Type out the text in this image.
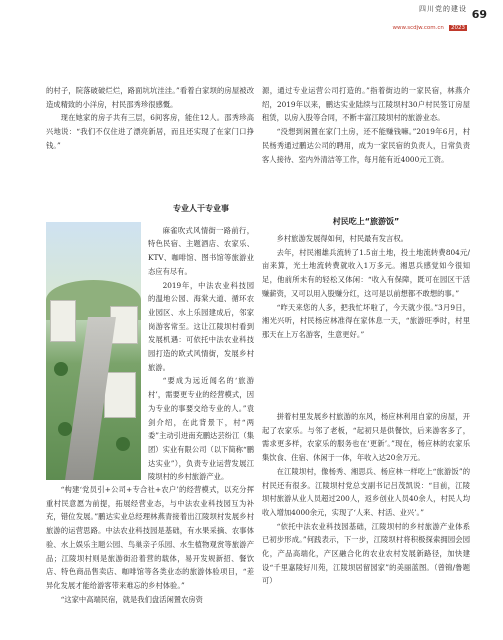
四川党的建设
www.scdjw.com.cn 2023
69

的村子，院落破破烂烂，路面坑坑洼洼。”看着白家坝的房屋被改造成精致的小洋房，村民邵秀珍很感慨。

现在她家的房子共有三层，6间客房，能住12人。邵秀珍高兴地说：“我们不仅住进了漂亮新居，而且还实现了在家门口挣钱。”

专业人干专业事

麻雀吹式风情街一路前行，特色民宿、主题酒店、农家乐、KTV、咖啡馆、图书馆等旅游业态应有尽有。

2019年，中法农业科技园的温地公园、海棠大道、循环农业园区、水上乐园建成后，邻家岗游客常至。这让江陵坝村看到发展机遇：可依托中法农业科技园打造的欧式风情街，发展乡村旅游。

“要成为远近闻名的‘旅游村’，需要更专业的经营模式，因为专业的事要交给专业的人。”袁剑介绍，在此背景下，村“两委”主动引进南充鹏达芸纷江（集团）实业有限公司（以下简称“鹏达实业”），负责专业运营发展江陵坝村的乡村旅游产业。

“构建‘党员引+公司+专合社+农户’的经营模式，以充分挥重村民意愿为前提，拓展经营业态，与中法农业科技园互为补充，错位发展。”鹏达实业总经理林燕青接着出江陵坝村发展乡村旅游的运营思路。中法农业科技园是基础，有水果采摘、农事体验、水上娱乐主题公园、鸟巢亲子乐园、水生植物观赏等旅游产品；江陵坝村则是旅游街沿着营的载体，易开发规新招、餐饮店、特色商品售卖店、咖啡馆等各类业态的旅游体验项目，“差异化发展才能给游客带来难忘的乡村体验。”

“这家中高端民宿，就是我们盘活闲置农房资

源，通过专业运营公司打造的。”指着街边的一家民宿，林燕介绍，2019年以来，鹏达实业陆续与江陵坝村30户村民签订房屋租赁，以房入股等合同，不断丰富江陵坝村的旅游业态。

“没想到闲置在家门土房，还不能赚钱嘛。”2019年6月，村民杨秀通过鹏达公司的聘用，成为一家民宿的负责人，日常负责客人接待、室内外清洁等工作，每月能有近4000元工资。

村民吃上“旅游饭”

乡村旅游发展得如何，村民最有发言权。

去年，村民湘雄兵流转了1.5亩土地，投土地流转费804元/亩来算，光土地流转费就收入1万多元。湘思兵感觉如今很知足，他前所未有的轻松又体闲：“收入有保障，既可在园区干活赚薪资，又可以用入股赚分红，这可是以前想都不敢想的事。”

“昨天来您的人多，把我忙坏啦了，今天就少很。”3月9日，湘光兴听，村民杨应林准得在家休息一天，“旅游旺季时，村里那天在上万名游客，生意更好。”

拼着村里发展乡村旅游的东风，杨应林利用自家的房屋，开起了农家乐。与邻了老板，“起初只是供餐饮，后来游客多了，需求更多样，农家乐的服务也在‘更新’。”现在，杨应林的农家乐集饮食、住宿、休闲于一体，年收入达20余万元。

在江陵坝村，像杨秀、湘思兵、杨应林一样吃上“旅游饭”的村民还有很多。江陵坝村党总支副书记吕茂凯说：“目前，江陵坝村旅游从业人员超过200人，返乡创业人员40余人，村民人均收入增加4000余元，实现了‘人来、村活、业兴’。”

“依托中法农业科技园基础，江陵坝村的乡村旅游产业体系已初步形成。”何践表示，下一步，江陵坝村将积极探索拥园会园化，产品高端化，产区融合化的农业农村发展新路径，加快建设“千里嘉陵好川苑，江陵坝居留园家”的美丽蓝图。（曾锦/鲁题可）
